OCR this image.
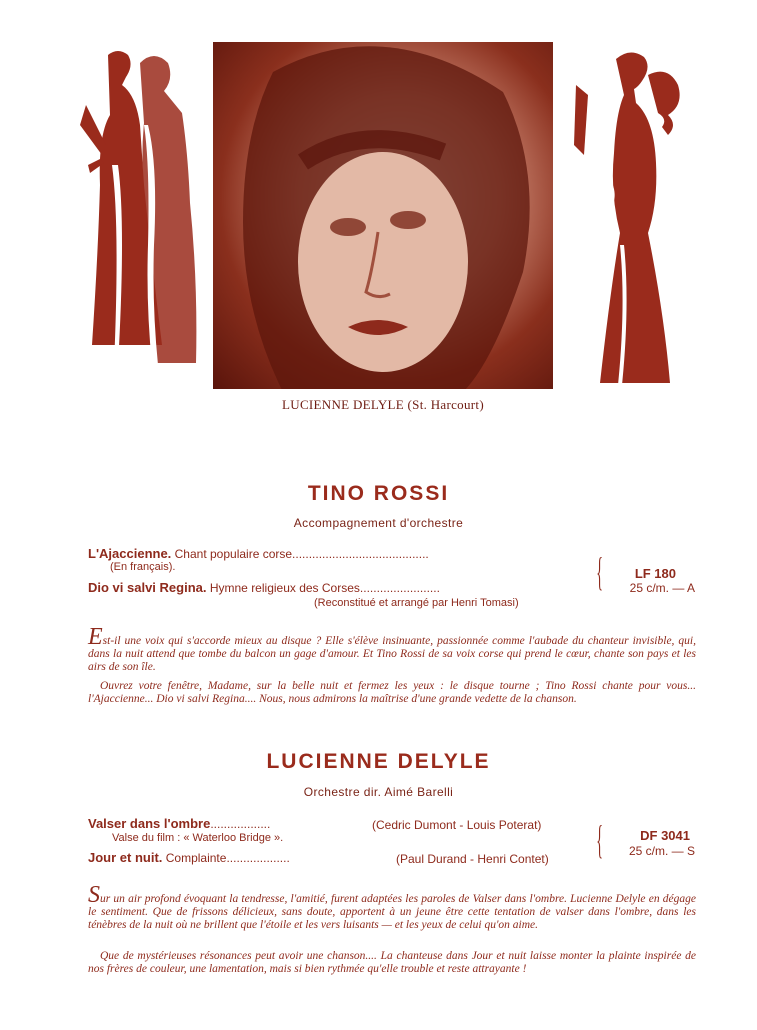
LUCIENNE DELYLE (St. Harcourt)
TINO ROSSI
Accompagnement d'orchestre
L'Ajaccienne. Chant populaire corse.........................................
(En français).
Dio vi salvi Regina. Hymne religieux des Corses........................
(Reconstitué et arrangé par Henri Tomasi)
{	LF 180
25 c/m. — A
Est-il une voix qui s'accorde mieux au disque ? Elle s'élève insinuante, passionnée comme l'aubade du chanteur invisible, qui, dans la nuit attend que tombe du balcon un gage d'amour. Et Tino Rossi de sa voix corse qui prend le cœur, chante son pays et les airs de son île.
Ouvrez votre fenêtre, Madame, sur la belle nuit et fermez les yeux : le disque tourne ; Tino Rossi chante pour vous... l'Ajaccienne... Dio vi salvi Regina.... Nous, nous admirons la maîtrise d'une grande vedette de la chanson.
LUCIENNE DELYLE
Orchestre dir. Aimé Barelli
Valser dans l'ombre..................	(Cedric Dumont - Louis Poterat)
Valse du film : « Waterloo Bridge ».
Jour et nuit. Complainte...................	(Paul Durand - Henri Contet) {	DF 3041
25 c/m. — S
Sur un air profond évoquant la tendresse, l'amitié, furent adaptées les paroles de Valser dans l'ombre. Lucienne Delyle en dégage le sentiment. Que de frissons délicieux, sans doute, apportent à un jeune être cette tentation de valser dans l'ombre, dans les ténèbres de la nuit où ne brillent que l'étoile et les vers luisants — et les yeux de celui qu'on aime.
Que de mystérieuses résonances peut avoir une chanson.... La chanteuse dans Jour et nuit laisse monter la plainte inspirée de nos frères de couleur, une lamentation, mais si bien rythmée qu'elle trouble et reste attrayante !
